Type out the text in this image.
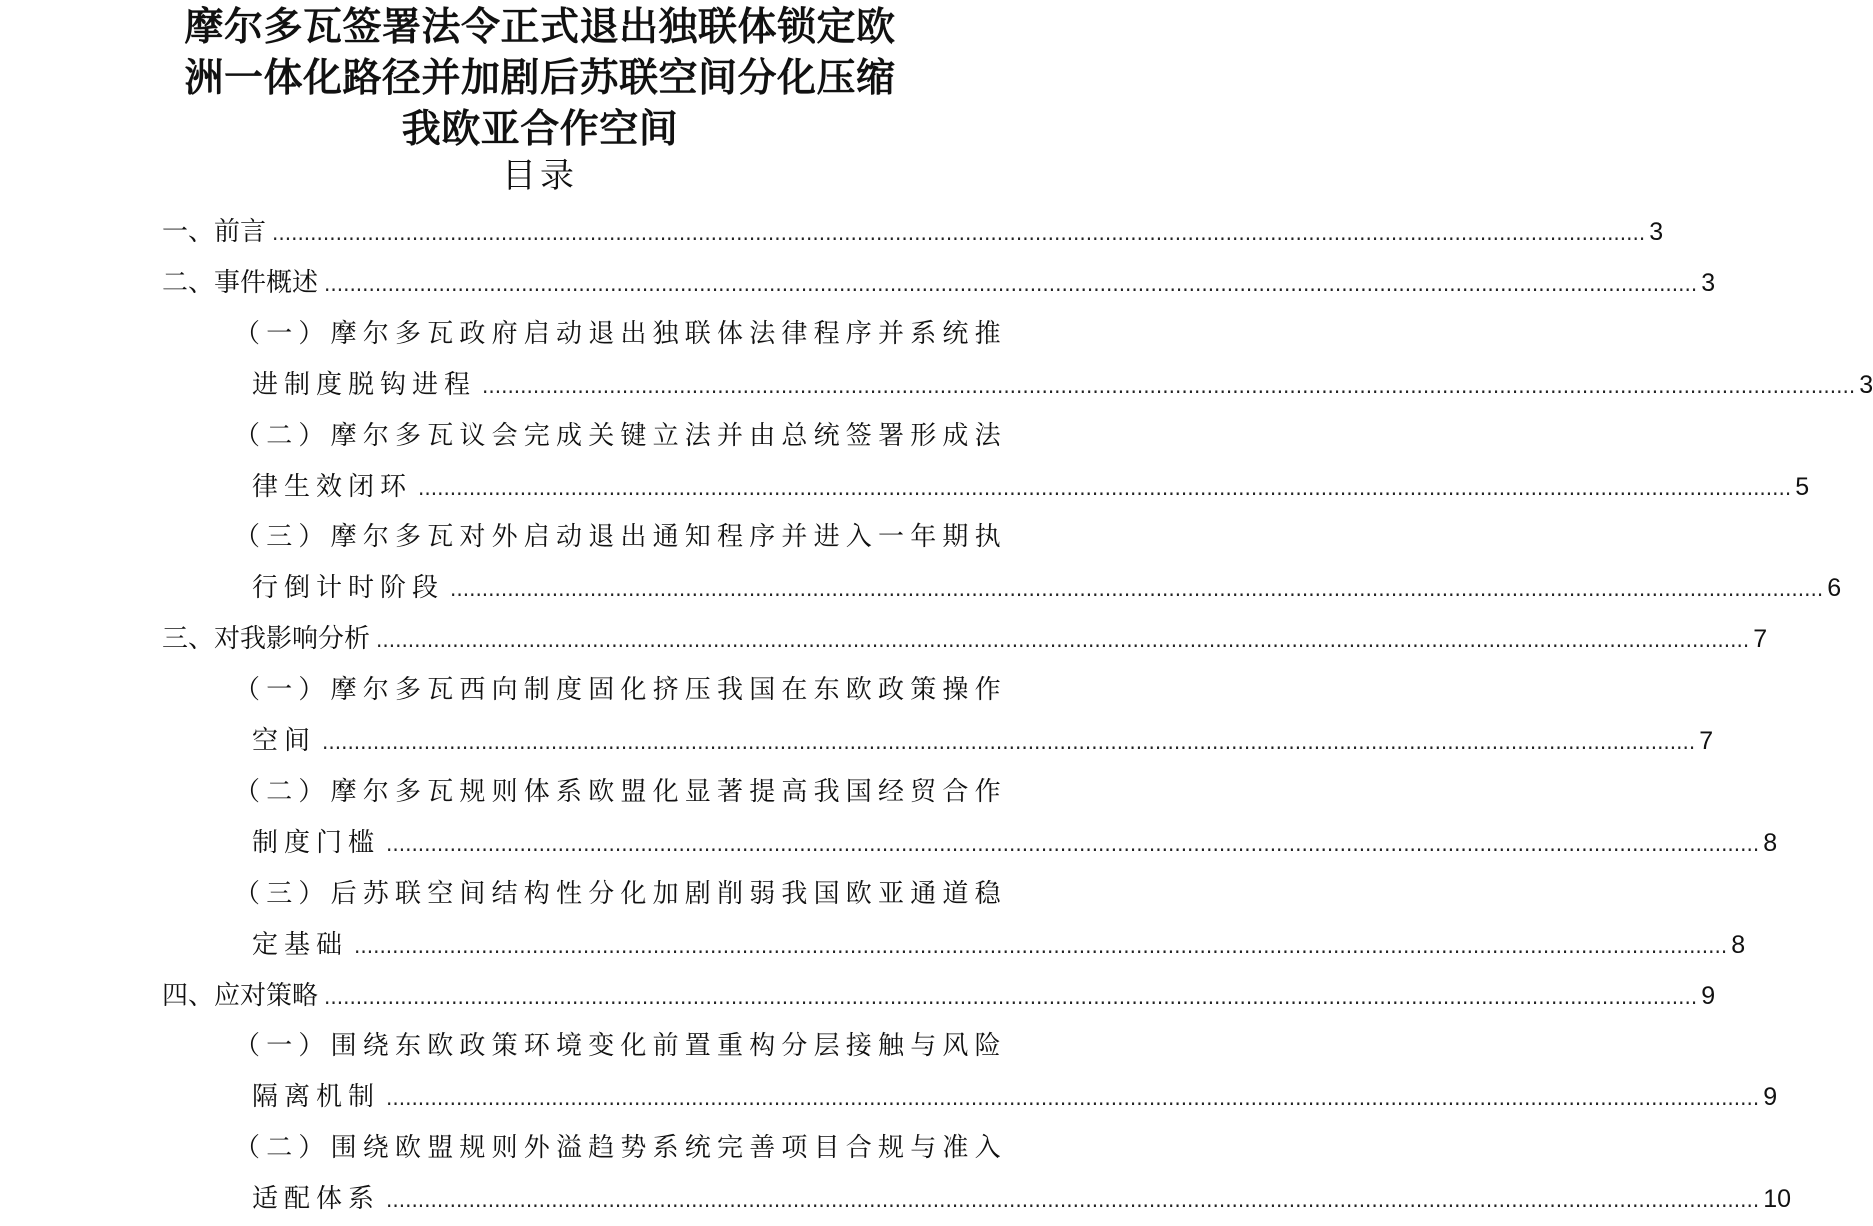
摩尔多瓦签署法令正式退出独联体锁定欧
洲一体化路径并加剧后苏联空间分化压缩
我欧亚合作空间
目录
一、前言 .....	3
二、事件概述 .....	3
（一）摩尔多瓦政府启动退出独联体法律程序并系统推
进制度脱钩进程 .....	3
（二）摩尔多瓦议会完成关键立法并由总统签署形成法
律生效闭环 .....	5
（三）摩尔多瓦对外启动退出通知程序并进入一年期执
行倒计时阶段 .....	6
三、对我影响分析 .....	7
（一）摩尔多瓦西向制度固化挤压我国在东欧政策操作
空间 .....	7
（二）摩尔多瓦规则体系欧盟化显著提高我国经贸合作
制度门槛 .....	8
（三）后苏联空间结构性分化加剧削弱我国欧亚通道稳
定基础 .....	8
四、应对策略 .....	9
（一）围绕东欧政策环境变化前置重构分层接触与风险
隔离机制 .....	9
（二）围绕欧盟规则外溢趋势系统完善项目合规与准入
适配体系 .....	10
